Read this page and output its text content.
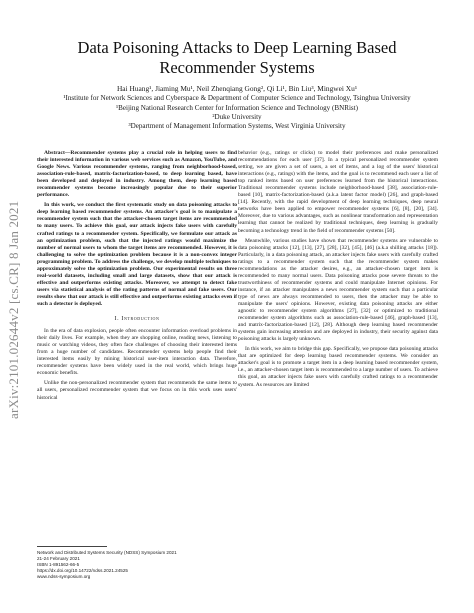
arXiv:2101.02644v2 [cs.CR] 8 Jan 2021
Data Poisoning Attacks to Deep Learning Based Recommender Systems
Hai Huang¹, Jiaming Mu¹, Neil Zhenqiang Gong², Qi Li¹, Bin Liu³, Mingwei Xu¹
¹Institute for Network Sciences and Cyberspace & Department of Computer Science and Technology, Tsinghua University
¹Beijing National Research Center for Information Science and Technology (BNRist)
²Duke University
³Department of Management Information Systems, West Virginia University

Abstract—Recommender systems play a crucial role in helping users to find their interested information in various web services such as Amazon, YouTube, and Google News. Various recommender systems, ranging from neighborhood-based, association-rule-based, matrix-factorization-based, to deep learning based, have been developed and deployed in industry. Among them, deep learning based recommender systems become increasingly popular due to their superior performance.

In this work, we conduct the first systematic study on data poisoning attacks to deep learning based recommender systems. An attacker's goal is to manipulate a recommender system such that the attacker-chosen target items are recommended to many users. To achieve this goal, our attack injects fake users with carefully crafted ratings to a recommender system. Specifically, we formulate our attack as an optimization problem, such that the injected ratings would maximize the number of normal users to whom the target items are recommended. However, it is challenging to solve the optimization problem because it is a non-convex integer programming problem. To address the challenge, we develop multiple techniques to approximately solve the optimization problem. Our experimental results on three real-world datasets, including small and large datasets, show that our attack is effective and outperforms existing attacks. Moreover, we attempt to detect fake users via statistical analysis of the rating patterns of normal and fake users. Our results show that our attack is still effective and outperforms existing attacks even if such a detector is deployed.

I. Introduction

In the era of data explosion, people often encounter information overload problems in their daily lives. For example, when they are shopping online, reading news, listening to music or watching videos, they often face challenges of choosing their interested items from a huge number of candidates. Recommender systems help people find their interested items easily by mining historical user-item interaction data. Therefore, recommender systems have been widely used in the real world, which brings huge economic benefits.

Unlike the non-personalized recommender system that recommends the same items to all users, personalized recommender system that we focus on in this work uses users' historical

behavior (e.g., ratings or clicks) to model their preferences and make personalized recommendations for each user [37]. In a typical personalized recommender system setting, we are given a set of users, a set of items, and a log of the users' historical interactions (e.g., ratings) with the items, and the goal is to recommend each user a list of top ranked items based on user preferences learned from the historical interactions. Traditional recommender systems include neighborhood-based [38], association-rule-based [10], matrix-factorization-based (a.k.a latent factor model) [26], and graph-based [14]. Recently, with the rapid development of deep learning techniques, deep neural networks have been applied to empower recommender systems [6], [8], [20], [34]. Moreover, due to various advantages, such as nonlinear transformation and representation learning that cannot be realized by traditional techniques, deep learning is gradually becoming a technology trend in the field of recommender systems [50].

Meanwhile, various studies have shown that recommender systems are vulnerable to data poisoning attacks [12], [13], [27], [28], [32], [45], [46] (a.k.a shilling attacks [18]). Particularly, in a data poisoning attack, an attacker injects fake users with carefully crafted ratings to a recommender system such that the recommender system makes recommendations as the attacker desires, e.g., an attacker-chosen target item is recommended to many normal users. Data poisoning attacks pose severe threats to the trustworthiness of recommender systems and could manipulate Internet opinions. For instance, if an attacker manipulates a news recommender system such that a particular type of news are always recommended to users, then the attacker may be able to manipulate the users' opinions. However, existing data poisoning attacks are either agnostic to recommender system algorithms [27], [32] or optimized to traditional recommender system algorithms such as association-rule-based [46], graph-based [13], and matrix-factorization-based [12], [28]. Although deep learning based recommender systems gain increasing attention and are deployed in industry, their security against data poisoning attacks is largely unknown.

In this work, we aim to bridge this gap. Specifically, we propose data poisoning attacks that are optimized for deep learning based recommender systems. We consider an attacker's goal is to promote a target item in a deep learning based recommender system, i.e., an attacker-chosen target item is recommended to a large number of users. To achieve this goal, an attacker injects fake users with carefully crafted ratings to a recommender system. As resources are limited

Network and Distributed Systems Security (NDSS) Symposium 2021
21-24 February 2021
ISBN 1-891562-66-5
https://dx.doi.org/10.14722/ndss.2021.24525
www.ndss-symposium.org
